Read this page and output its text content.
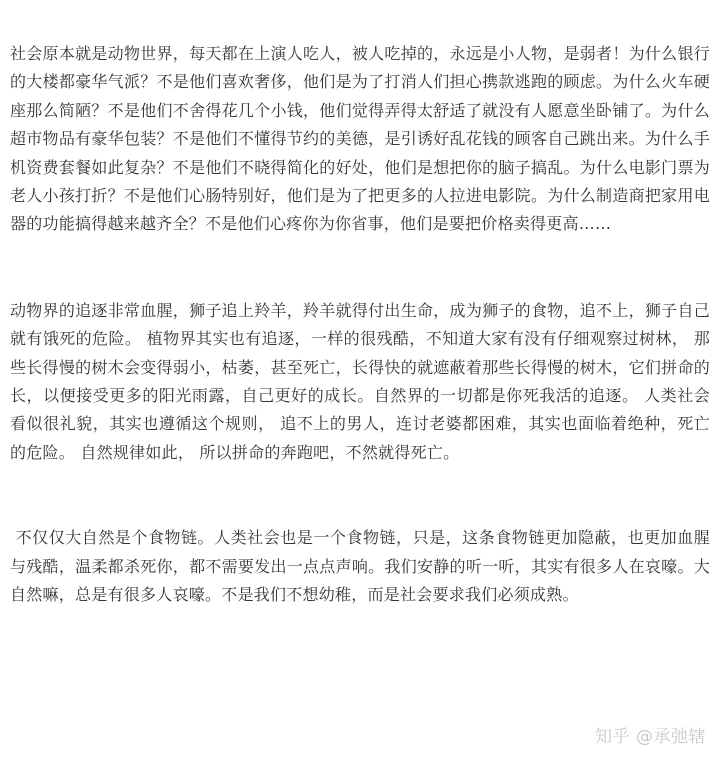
社会原本就是动物世界，每天都在上演人吃人，被人吃掉的，永远是小人物，是弱者！为什么银行的大楼都豪华气派？不是他们喜欢奢侈，他们是为了打消人们担心携款逃跑的顾虑。为什么火车硬座那么简陋？不是他们不舍得花几个小钱，他们觉得弄得太舒适了就没有人愿意坐卧铺了。为什么超市物品有豪华包装？不是他们不懂得节约的美德，是引诱好乱花钱的顾客自己跳出来。为什么手机资费套餐如此复杂？不是他们不晓得简化的好处，他们是想把你的脑子搞乱。为什么电影门票为老人小孩打折？不是他们心肠特别好，他们是为了把更多的人拉进电影院。为什么制造商把家用电器的功能搞得越来越齐全？不是他们心疼你为你省事，他们是要把价格卖得更高……

动物界的追逐非常血腥，狮子追上羚羊，羚羊就得付出生命，成为狮子的食物，追不上，狮子自己就有饿死的危险。 植物界其实也有追逐，一样的很残酷，不知道大家有没有仔细观察过树林， 那些长得慢的树木会变得弱小，枯萎，甚至死亡，长得快的就遮蔽着那些长得慢的树木，它们拼命的长，以便接受更多的阳光雨露，自己更好的成长。自然界的一切都是你死我活的追逐。 人类社会看似很礼貌，其实也遵循这个规则， 追不上的男人，连讨老婆都困难，其实也面临着绝种，死亡的危险。 自然规律如此， 所以拼命的奔跑吧，不然就得死亡。

不仅仅大自然是个食物链。人类社会也是一个食物链，只是，这条食物链更加隐蔽，也更加血腥与残酷，温柔都杀死你，都不需要发出一点点声响。我们安静的听一听，其实有很多人在哀嚎。大自然嘛，总是有很多人哀嚎。不是我们不想幼稚，而是社会要求我们必须成熟。

知乎 @承弛辖
